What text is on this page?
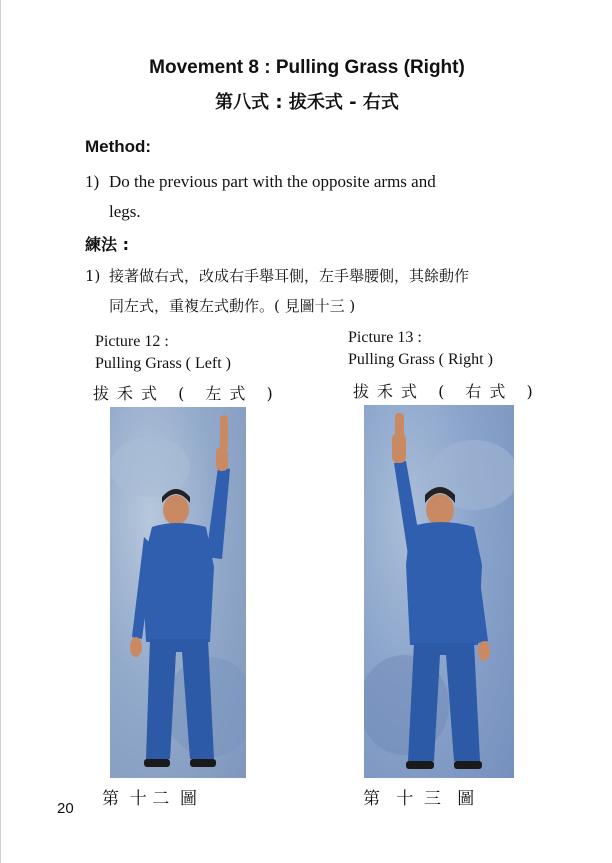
Movement 8 : Pulling Grass (Right)
第八式 : 拔禾式 - 右式
Method:
1) Do the previous part with the opposite arms and
legs.
練法 :
1) 接著做右式，改成右手舉耳側，左手舉腰側，其餘動作
同左式，重複左式動作。( 見圖十三 )
Picture 12 :
Pulling Grass ( Left )
拔禾式 ( 左式 )
Picture 13 :
Pulling Grass ( Right )
拔禾式 ( 右式 )
第  十 二  圖	第   十  三   圖
20
